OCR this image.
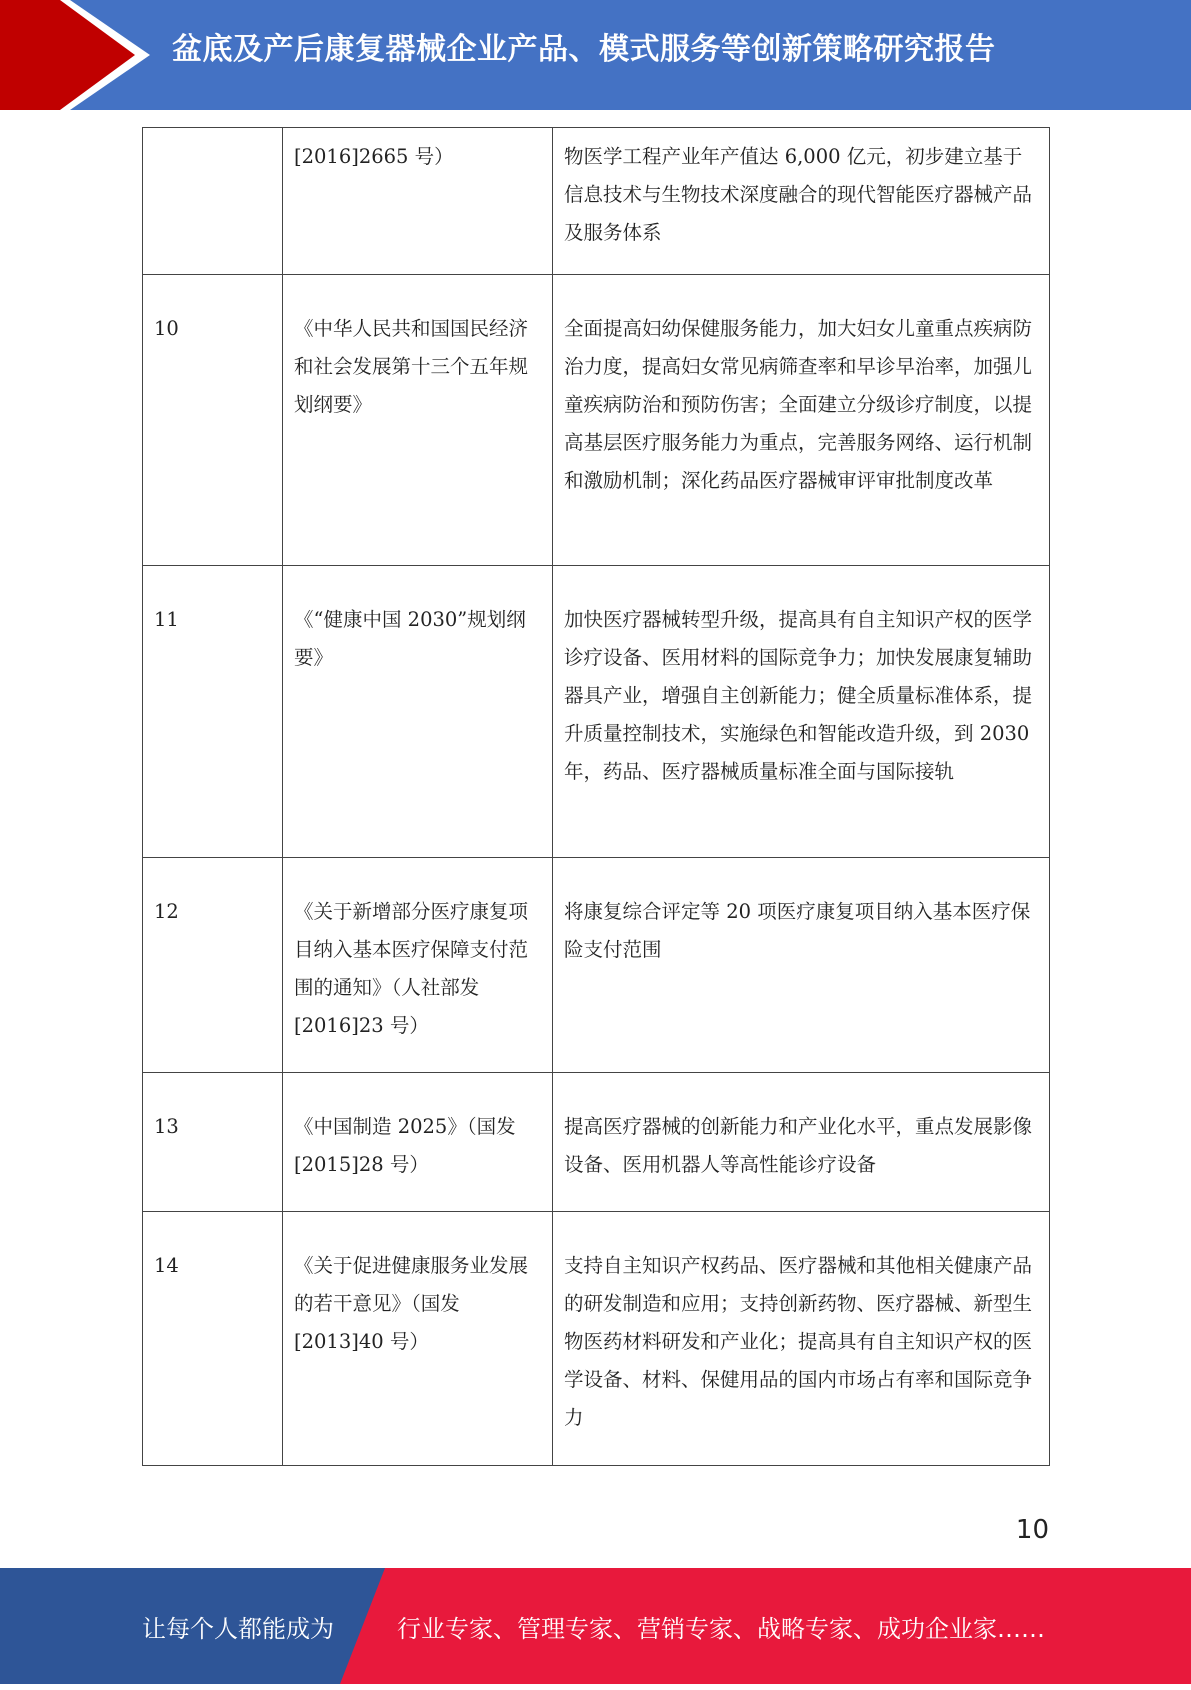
盆底及产后康复器械企业产品、模式服务等创新策略研究报告
	[2016]2665 号）	物医学工程产业年产值达 6,000 亿元，初步建立基于信息技术与生物技术深度融合的现代智能医疗器械产品及服务体系
10	《中华人民共和国国民经济和社会发展第十三个五年规划纲要》	全面提高妇幼保健服务能力，加大妇女儿童重点疾病防治力度，提高妇女常见病筛查率和早诊早治率，加强儿童疾病防治和预防伤害；全面建立分级诊疗制度，以提高基层医疗服务能力为重点，完善服务网络、运行机制和激励机制；深化药品医疗器械审评审批制度改革
11	《“健康中国 2030”规划纲要》	加快医疗器械转型升级，提高具有自主知识产权的医学诊疗设备、医用材料的国际竞争力；加快发展康复辅助器具产业，增强自主创新能力；健全质量标准体系，提升质量控制技术，实施绿色和智能改造升级，到 2030 年，药品、医疗器械质量标准全面与国际接轨
12	《关于新增部分医疗康复项目纳入基本医疗保障支付范围的通知》（人社部发[2016]23 号）	将康复综合评定等 20 项医疗康复项目纳入基本医疗保险支付范围
13	《中国制造 2025》（国发[2015]28 号）	提高医疗器械的创新能力和产业化水平，重点发展影像设备、医用机器人等高性能诊疗设备
14	《关于促进健康服务业发展的若干意见》（国发[2013]40 号）	支持自主知识产权药品、医疗器械和其他相关健康产品的研发制造和应用；支持创新药物、医疗器械、新型生物医药材料研发和产业化；提高具有自主知识产权的医学设备、材料、保健用品的国内市场占有率和国际竞争力
10
让每个人都能成为	行业专家、管理专家、营销专家、战略专家、成功企业家……
